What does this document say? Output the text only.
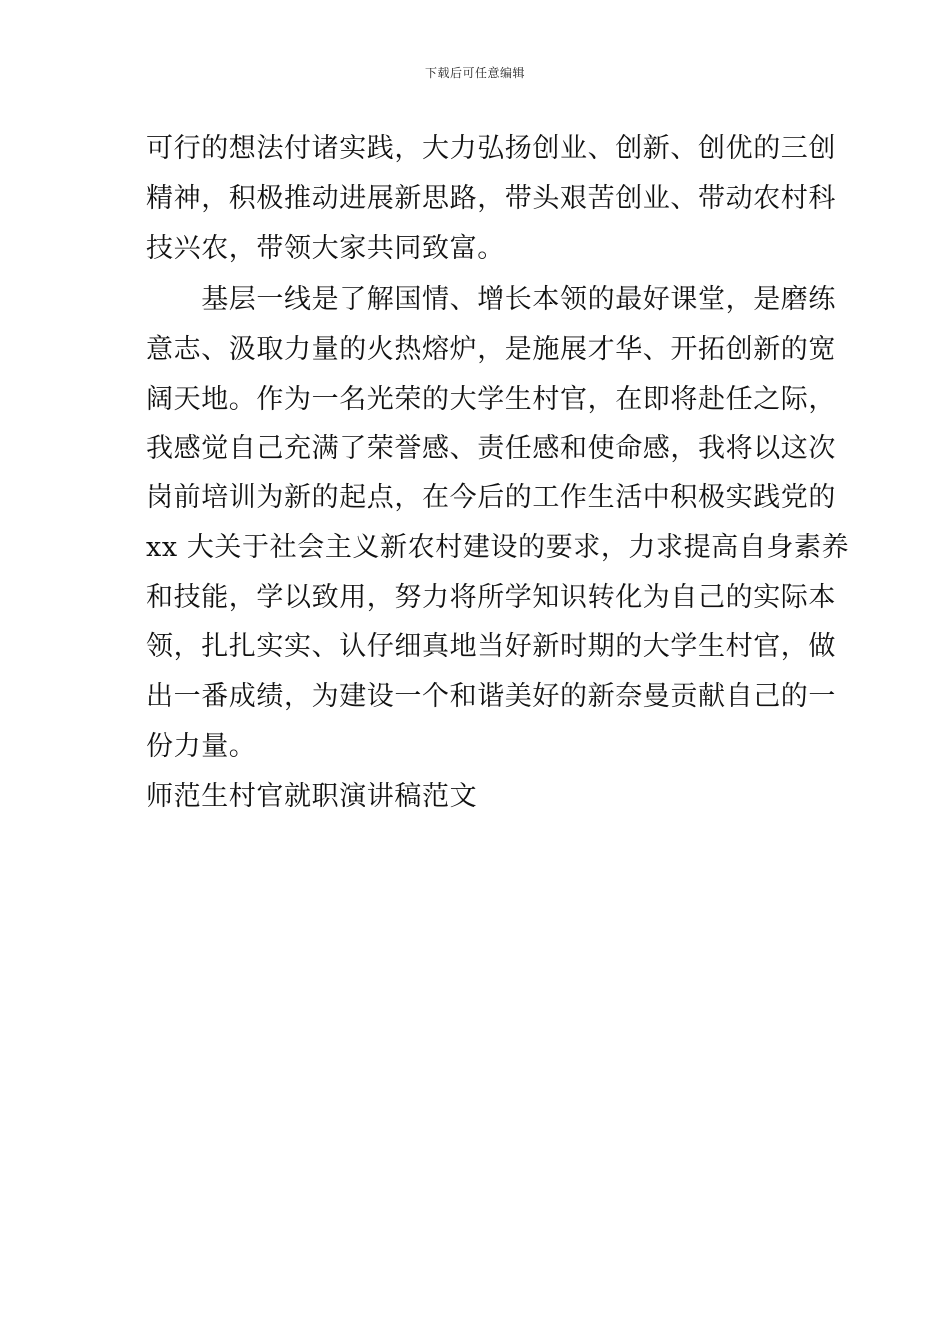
下载后可任意编辑
可行的想法付诸实践，大力弘扬创业、创新、创优的三创
精神，积极推动进展新思路，带头艰苦创业、带动农村科
技兴农，带领大家共同致富。
　　基层一线是了解国情、增长本领的最好课堂，是磨练
意志、汲取力量的火热熔炉，是施展才华、开拓创新的宽
阔天地。作为一名光荣的大学生村官，在即将赴任之际，
我感觉自己充满了荣誉感、责任感和使命感，我将以这次
岗前培训为新的起点，在今后的工作生活中积极实践党的
xx 大关于社会主义新农村建设的要求，力求提高自身素养
和技能，学以致用，努力将所学知识转化为自己的实际本
领，扎扎实实、认仔细真地当好新时期的大学生村官，做
出一番成绩，为建设一个和谐美好的新奈曼贡献自己的一
份力量。
师范生村官就职演讲稿范文
